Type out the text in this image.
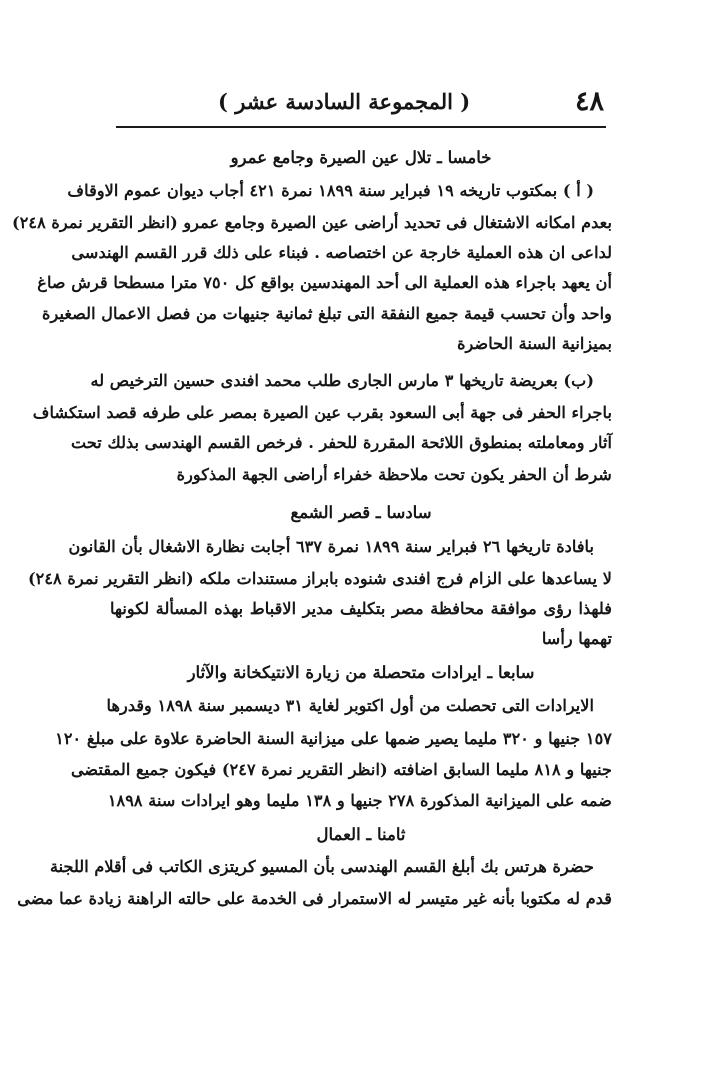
٤٨
( المجموعة السادسة عشر )
خامسا ـ تلال عين الصيرة وجامع عمرو
( أ ) بمكتوب تاريخه ١٩ فبراير سنة ١٨٩٩ نمرة ٤٢١ أجاب ديوان عموم الاوقاف
بعدم امكانه الاشتغال فى تحديد أراضى عين الصيرة وجامع عمرو (انظر التقرير نمرة ٢٤٨)
لداعى ان هذه العملية خارجة عن اختصاصه . فبناء على ذلك قرر القسم الهندسى
أن يعهد باجراء هذه العملية الى أحد المهندسين بواقع كل ٧٥٠ مترا مسطحا قرش صاغ
واحد وأن تحسب قيمة جميع النفقة التى تبلغ ثمانية جنيهات من فصل الاعمال الصغيرة
بميزانية السنة الحاضرة
(ب) بعريضة تاريخها ٣ مارس الجارى طلب محمد افندى حسين الترخيص له
باجراء الحفر فى جهة أبى السعود بقرب عين الصيرة بمصر على طرفه قصد استكشاف
آثار ومعاملته بمنطوق اللائحة المقررة للحفر . فرخص القسم الهندسى بذلك تحت
شرط أن الحفر يكون تحت ملاحظة خفراء أراضى الجهة المذكورة
سادسا ـ قصر الشمع
بافادة تاريخها ٢٦ فبراير سنة ١٨٩٩ نمرة ٦٣٧ أجابت نظارة الاشغال بأن القانون
لا يساعدها على الزام فرج افندى شنوده بابراز مستندات ملكه (انظر التقرير نمرة ٢٤٨)
فلهذا رؤى موافقة محافظة مصر بتكليف مدير الاقباط بهذه المسألة لكونها
تهمها رأسا
سابعا ـ ايرادات متحصلة من زيارة الانتيكخانة والآثار
الايرادات التى تحصلت من أول اكتوبر لغاية ٣١ ديسمبر سنة ١٨٩٨ وقدرها
١٥٧ جنيها و ٣٢٠ مليما يصير ضمها على ميزانية السنة الحاضرة علاوة على مبلغ ١٢٠
جنيها و ٨١٨ مليما السابق اضافته (انظر التقرير نمرة ٢٤٧) فيكون جميع المقتضى
ضمه على الميزانية المذكورة ٢٧٨ جنيها و ١٣٨ مليما وهو ايرادات سنة ١٨٩٨
ثامنا ـ العمال
حضرة هرتس بك أبلغ القسم الهندسى بأن المسيو كريتزى الكاتب فى أقلام اللجنة
قدم له مكتوبا بأنه غير متيسر له الاستمرار فى الخدمة على حالته الراهنة زيادة عما مضى
